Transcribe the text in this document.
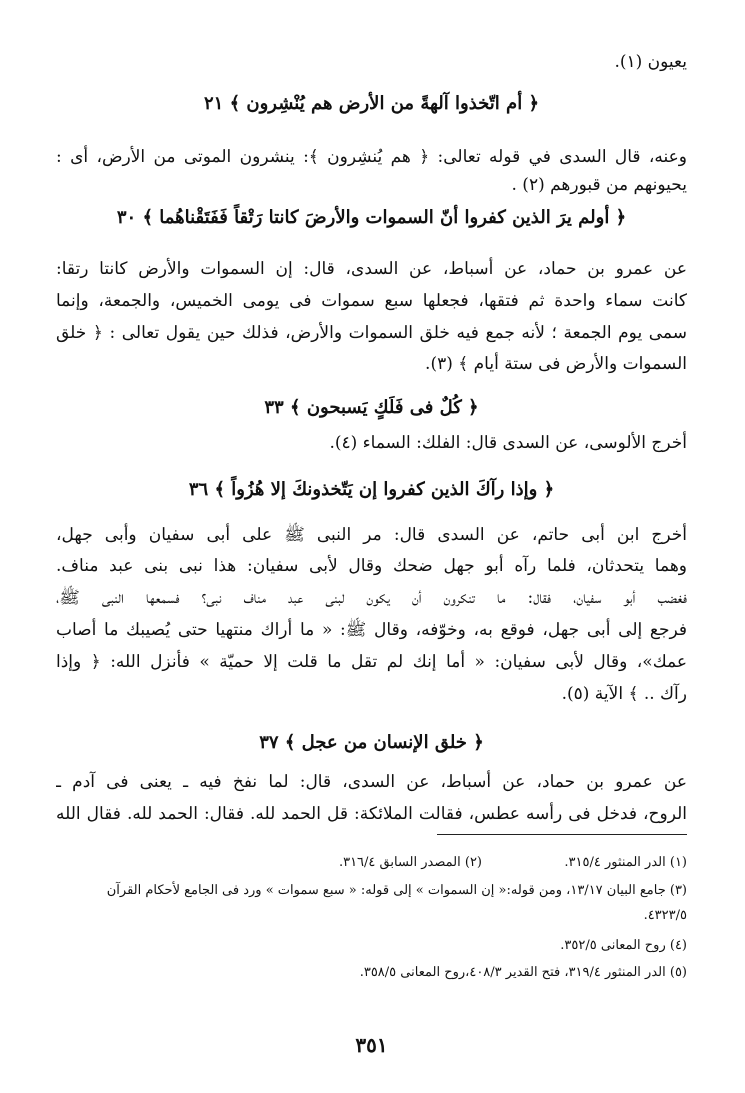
يعيون (١).
﴿ أم اتّخذوا آلهةً من الأرض هم يُنْشِرون ﴾ ٢١
وعنه، قال السدى في قوله تعالى: ﴿ هم يُنشِرون ﴾: ينشرون الموتى من الأرض، أى :
يحيونهم من قبورهم (٢) .
﴿ أولم يرَ الذين كفروا أنّ السموات والأرضَ كانتا رَتْقاً فَفَتَقْناهُما ﴾ ٣٠
عن عمرو بن حماد، عن أسباط، عن السدى، قال: إن السموات والأرض كانتا رتقا:
كانت سماء واحدة ثم فتقها، فجعلها سبع سموات فى يومى الخميس، والجمعة، وإنما
سمى يوم الجمعة ؛ لأنه جمع فيه خلق السموات والأرض، فذلك حين يقول تعالى : ﴿ خلق
السموات والأرض فى ستة أيام ﴾ (٣).
﴿ كُلٌ فى فَلَكٍ يَسبحون ﴾ ٣٣
أخرج الألوسى، عن السدى قال: الفلك: السماء (٤).
﴿ وإذا رآكَ الذين كفروا إن يَتّخذونكَ إلا هُزُواً ﴾ ٣٦
أخرج ابن أبى حاتم، عن السدى قال: مر النبى ﷺ على أبى سفيان وأبى جهل،
وهما يتحدثان، فلما رآه أبو جهل ضحك وقال لأبى سفيان: هذا نبى بنى عبد مناف.
فغضب أبو سفيان، فقال: ما تنكرون أن يكون لبنى عبد مناف نبى؟ فسمعها النبى ﷺ،
فرجع إلى أبى جهل، فوقع به، وخوّفه، وقال ﷺ: « ما أراك منتهيا حتى يُصيبك ما أصاب
عمك»، وقال لأبى سفيان: « أما إنك لم تقل ما قلت إلا حميّة » فأنزل الله: ﴿ وإذا
رآك .. ﴾ الآية (٥).
﴿ خلق الإنسان من عجل ﴾ ٣٧
عن عمرو بن حماد، عن أسباط، عن السدى، قال: لما نفخ فيه ـ يعنى فى آدم ـ
الروح، فدخل فى رأسه عطس، فقالت الملائكة: قل الحمد لله. فقال: الحمد لله. فقال الله
(١) الدر المنثور ٣١٥/٤.(٢) المصدر السابق ٣١٦/٤.
(٣) جامع البيان ١٣/١٧، ومن قوله:« إن السموات » إلى قوله: « سبع سموات » ورد فى الجامع لأحكام القرآن
٤٣٢٣/٥.
(٤) روح المعانى ٣٥٢/٥.
(٥) الدر المنثور ٣١٩/٤، فتح القدير ٤٠٨/٣،روح المعانى ٣٥٨/٥.
٣٥١
